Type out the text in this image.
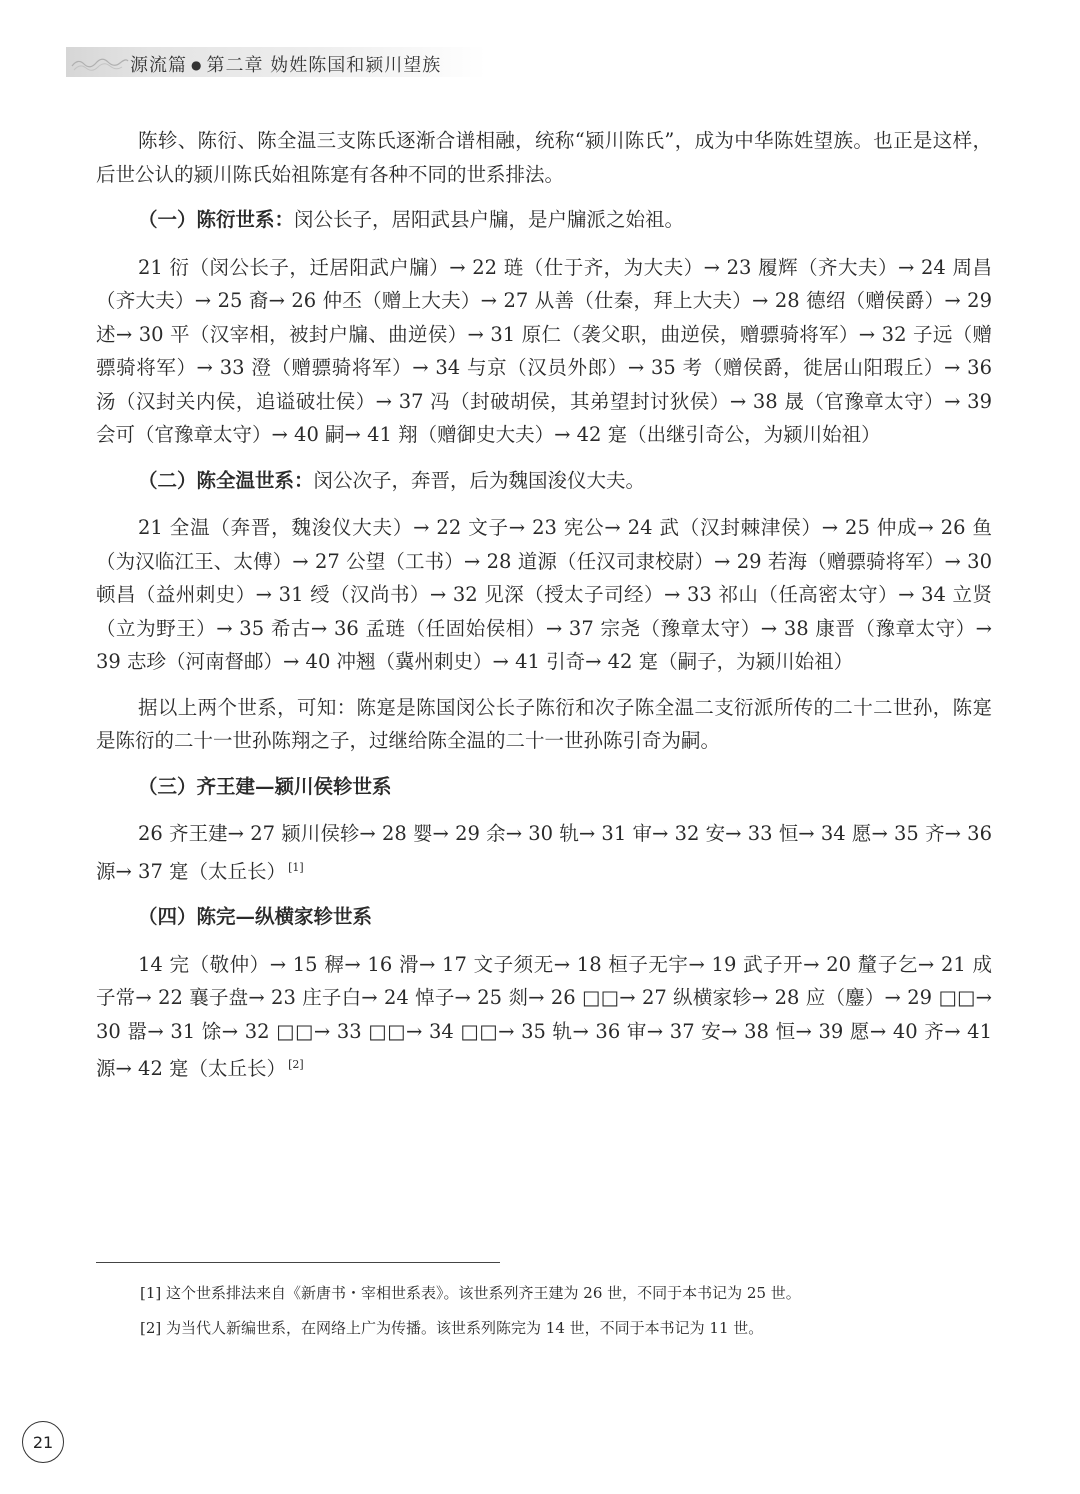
源流篇 ● 第二章 妫姓陈国和颍川望族

陈轸、陈衍、陈全温三支陈氏逐渐合谱相融，统称“颍川陈氏”，成为中华陈姓望族。也正是这样，后世公认的颍川陈氏始祖陈寔有各种不同的世系排法。

（一）陈衍世系：闵公长子，居阳武县户牖，是户牖派之始祖。

21 衍（闵公长子，迁居阳武户牖）→ 22 琏（仕于齐，为大夫）→ 23 履辉（齐大夫）→ 24 周昌（齐大夫）→ 25 裔→ 26 仲丕（赠上大夫）→ 27 从善（仕秦，拜上大夫）→ 28 德绍（赠侯爵）→ 29 述→ 30 平（汉宰相，被封户牖、曲逆侯）→ 31 原仁（袭父职，曲逆侯，赠骠骑将军）→ 32 子远（赠骠骑将军）→ 33 澄（赠骠骑将军）→ 34 与京（汉员外郎）→ 35 考（赠侯爵，徙居山阳瑕丘）→ 36 汤（汉封关内侯，追谥破壮侯）→ 37 冯（封破胡侯，其弟望封讨狄侯）→ 38 晟（官豫章太守）→ 39 会可（官豫章太守）→ 40 嗣→ 41 翔（赠御史大夫）→ 42 寔（出继引奇公，为颍川始祖）

（二）陈全温世系：闵公次子，奔晋，后为魏国浚仪大夫。

21 全温（奔晋，魏浚仪大夫）→ 22 文子→ 23 宪公→ 24 武（汉封棘津侯）→ 25 仲成→ 26 鱼（为汉临江王、太傅）→ 27 公望（工书）→ 28 道源（任汉司隶校尉）→ 29 若海（赠骠骑将军）→ 30 顿昌（益州刺史）→ 31 绶（汉尚书）→ 32 见深（授太子司经）→ 33 祁山（任高密太守）→ 34 立贤（立为野王）→ 35 希古→ 36 孟琏（任固始侯相）→ 37 宗尧（豫章太守）→ 38 康晋（豫章太守）→ 39 志珍（河南督邮）→ 40 冲翘（冀州刺史）→ 41 引奇→ 42 寔（嗣子，为颍川始祖）

据以上两个世系，可知：陈寔是陈国闵公长子陈衍和次子陈全温二支衍派所传的二十二世孙，陈寔是陈衍的二十一世孙陈翔之子，过继给陈全温的二十一世孙陈引奇为嗣。

（三）齐王建—颍川侯轸世系

26 齐王建→ 27 颍川侯轸→ 28 婴→ 29 余→ 30 轨→ 31 审→ 32 安→ 33 恒→ 34 愿→ 35 齐→ 36 源→ 37 寔（太丘长） [1]

（四）陈完—纵横家轸世系

14 完（敬仲）→ 15 稺→ 16 滑→ 17 文子须无→ 18 桓子无宇→ 19 武子开→ 20 釐子乞→ 21 成子常→ 22 襄子盘→ 23 庄子白→ 24 悼子→ 25 剡→ 26 □□→ 27 纵横家轸→ 28 应（鏖）→ 29 □□→ 30 嚣→ 31 馀→ 32 □□→ 33 □□→ 34 □□→ 35 轨→ 36 审→ 37 安→ 38 恒→ 39 愿→ 40 齐→ 41 源→ 42 寔（太丘长） [2]

[1] 这个世系排法来自《新唐书・宰相世系表》。该世系列齐王建为 26 世，不同于本书记为 25 世。
[2] 为当代人新编世系，在网络上广为传播。该世系列陈完为 14 世，不同于本书记为 11 世。
21
